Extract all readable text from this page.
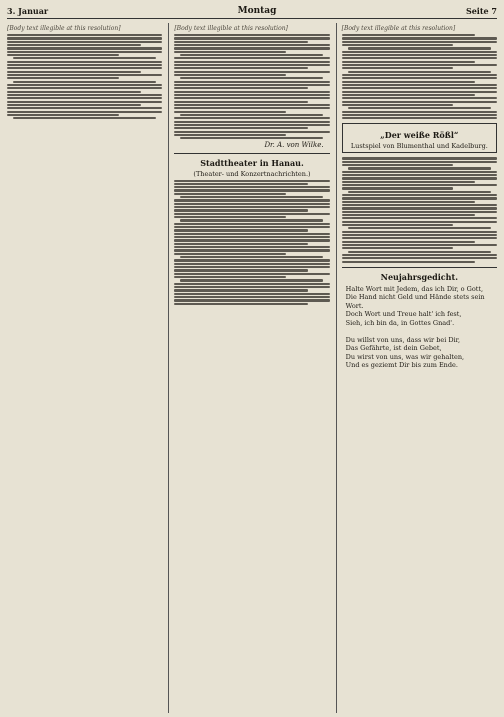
3. Januar	Montag	Seite 7
[Body text illegible at this resolution]	[Body text illegible at this resolution]
Dr. A. von Wilke.
Stadttheater in Hanau.
(Theater- und Konzertnachrichten.)
[Body text illegible at this resolution]
„Der weiße Rößl“
Lustspiel von Blumenthal und Kadelburg.
Neujahrsgedicht.
Halte Wort mit Jedem, das ich Dir, o Gott,
Die Hand nicht Geld und Hände stets sein Wort.
Doch Wort und Treue halt' ich fest,
Sieh, ich bin da, in Gottes Gnad'.

Du willst von uns, dass wir bei Dir,
Das Gefährte, ist dein Gebet,
Du wirst von uns, was wir gehalten,
Und es geziemt Dir bis zum Ende.
